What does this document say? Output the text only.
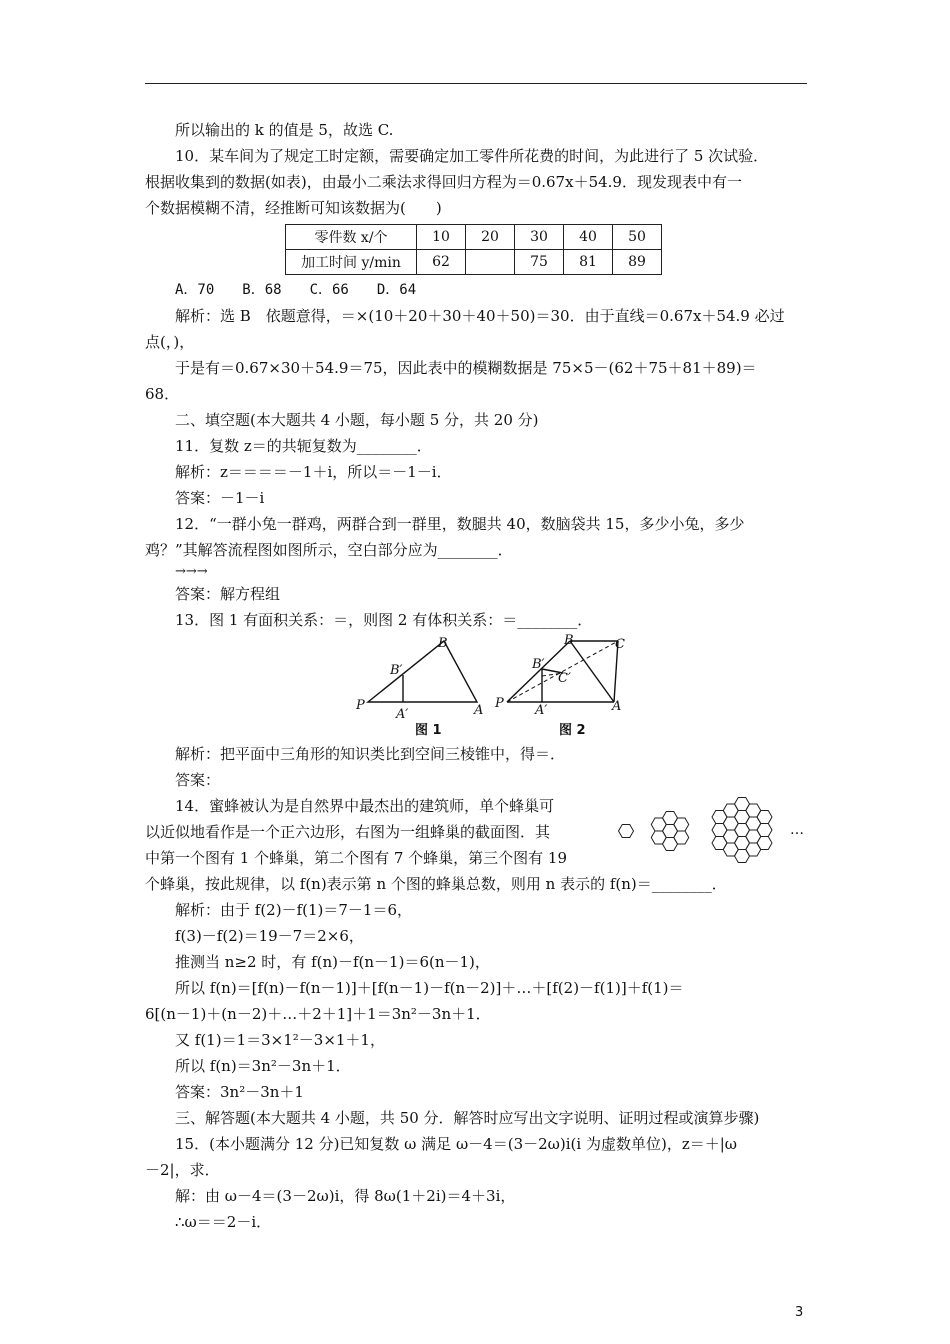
所以输出的 k 的值是 5，故选 C.
10．某车间为了规定工时定额，需要确定加工零件所花费的时间，为此进行了 5 次试验．
根据收集到的数据(如表)，由最小二乘法求得回归方程为＝0.67x＋54.9．现发现表中有一
个数据模糊不清，经推断可知该数据为(　　)
零件数 x/个	10	20	30	40	50
加工时间 y/min	62		75	81	89
A．70　　B．68　　C．66　　D．64
解析：选 B　依题意得，＝×(10＋20＋30＋40＋50)＝30．由于直线＝0.67x＋54.9 必过
点(，)，
于是有＝0.67×30＋54.9＝75，因此表中的模糊数据是 75×5－(62＋75＋81＋89)＝
68．
二、填空题(本大题共 4 小题，每小题 5 分，共 20 分)
11．复数 z＝的共轭复数为________．
解析：z＝＝＝＝－1＋i，所以＝－1－i．
答案：－1－i
12．“一群小兔一群鸡，两群合到一群里，数腿共 40，数脑袋共 15，多少小兔，多少
鸡？”其解答流程图如图所示，空白部分应为________．
→→→
答案：解方程组
13．图 1 有面积关系：＝，则图 2 有体积关系：＝________．
P
B
B′
A′	A P
B
B′
C′
C
A′	A
图 1	图 2
解析：把平面中三角形的知识类比到空间三棱锥中，得＝．
答案：
14．蜜蜂被认为是自然界中最杰出的建筑师，单个蜂巢可
以近似地看作是一个正六边形，右图为一组蜂巢的截面图．其
中第一个图有 1 个蜂巢，第二个图有 7 个蜂巢，第三个图有 19
…
个蜂巢，按此规律，以 f(n)表示第 n 个图的蜂巢总数，则用 n 表示的 f(n)＝________．
解析：由于 f(2)－f(1)＝7－1＝6，
f(3)－f(2)＝19－7＝2×6，
推测当 n≥2 时，有 f(n)－f(n－1)＝6(n－1)，
所以 f(n)＝[f(n)－f(n－1)]＋[f(n－1)－f(n－2)]＋…＋[f(2)－f(1)]＋f(1)＝
6[(n－1)＋(n－2)＋…＋2＋1]＋1＝3n²－3n＋1．
又 f(1)＝1＝3×1²－3×1＋1，
所以 f(n)＝3n²－3n＋1．
答案：3n²－3n＋1
三、解答题(本大题共 4 小题，共 50 分．解答时应写出文字说明、证明过程或演算步骤)
15．(本小题满分 12 分)已知复数 ω 满足 ω－4＝(3－2ω)i(i 为虚数单位)，z＝＋|ω
－2|，求．
解：由 ω－4＝(3－2ω)i，得 8ω(1＋2i)＝4＋3i，
∴ω＝＝2－i．
3
